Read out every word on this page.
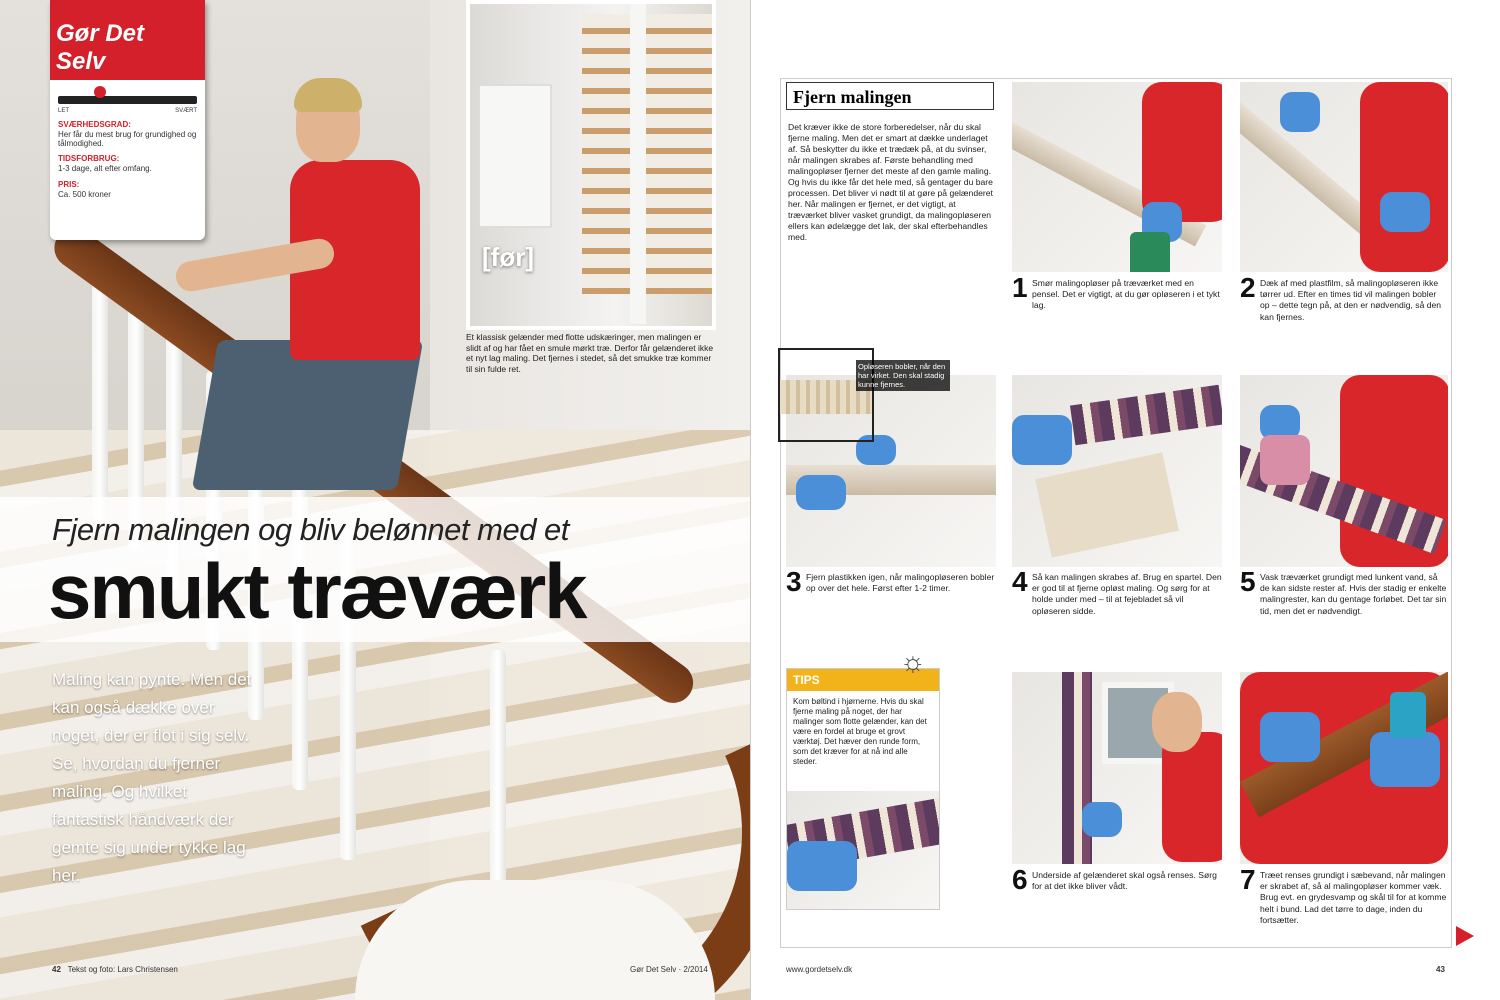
Gør Det Selv
LET	SVÆRT
SVÆRHEDSGRAD:
Her får du mest brug for grundighed og tålmodighed.
TIDSFORBRUG:
1-3 dage, alt efter omfang.
PRIS:
Ca. 500 kroner
[før]
Et klassisk gelænder med flotte udskæringer, men malingen er slidt af og har fået en smule mørkt træ. Derfor får gelænderet ikke et nyt lag maling. Det fjernes i stedet, så det smukke træ kommer til sin fulde ret.
Fjern malingen og bliv belønnet med et
smukt træværk
Maling kan pynte. Men det kan også dække over noget, der er flot i sig selv. Se, hvordan du fjerner maling. Og hvilket fantastisk håndværk der gemte sig under tykke lag her.
42 Tekst og foto: Lars Christensen	Gør Det Selv · 2/2014
Fjern malingen
Det kræver ikke de store forberedelser, når du skal fjerne maling. Men det er smart at dække underlaget af. Så beskytter du ikke et trædæk på, at du svinser, når malingen skrabes af. Første behandling med malingopløser fjerner det meste af den gamle maling. Og hvis du ikke får det hele med, så gentager du bare processen. Det bliver vi nødt til at gøre på gelænderet her. Når malingen er fjernet, er det vigtigt, at træværket bliver vasket grundigt, da malingopløseren ellers kan ødelægge det lak, der skal efterbehandles med.
1 Smør malingopløser på træværket med en pensel. Det er vigtigt, at du gør opløseren i et tykt lag.
2 Dæk af med plastfilm, så malingopløseren ikke tørrer ud. Efter en times tid vil malingen bobler op – dette tegn på, at den er nødvendig, så den kan fjernes.
Opløseren bobler, når den har virket. Den skal stadig kunne fjernes.
3 Fjern plastikken igen, når malingopløseren bobler op over det hele. Først efter 1-2 timer.	4 Så kan malingen skrabes af. Brug en spartel. Den er god til at fjerne opløst maling. Og sørg for at holde under med – til at fejebladet så vil opløseren sidde.
5 Vask træværket grundigt med lunkent vand, så de kan sidste rester af. Hvis der stadig er enkelte malingrester, kan du gentage forløbet. Det tar sin tid, men det er nødvendigt.
TIPS
Kom bøltind i hjørnerne. Hvis du skal fjerne maling på noget, der har malinger som flotte gelænder, kan det være en fordel at bruge et grovt værktøj. Det hæver den runde form, som det kræver for at nå ind alle steder.
☼
6 Underside af gelænderet skal også renses. Sørg for at det ikke bliver vådt.	7 Træet renses grundigt i sæbevand, når malingen er skrabet af, så al malingopløser kommer væk. Brug evt. en grydesvamp og skål til for at komme helt i bund. Lad det tørre to dage, inden du fortsætter.
www.gordetselv.dk	43
